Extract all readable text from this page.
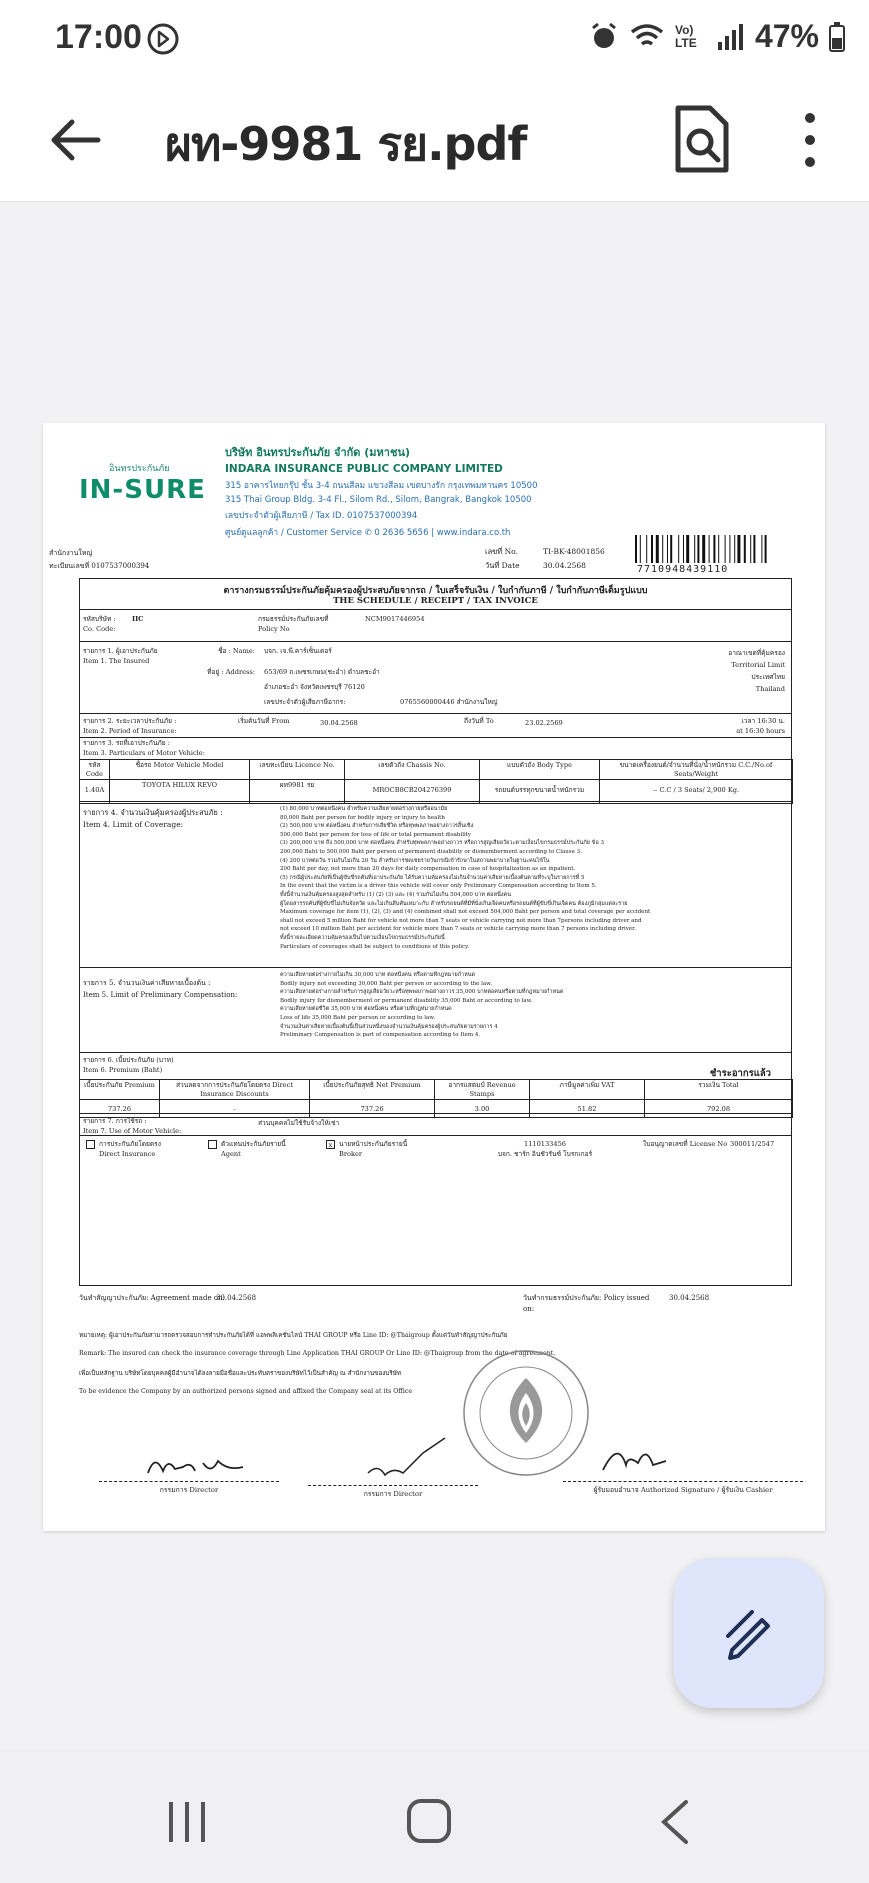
17:00	Vo) LTE	47%
ผท-9981 รย.pdf
อินทรประกันภัย
IN-SURE
บริษัท อินทรประกันภัย จำกัด (มหาชน)
INDARA INSURANCE PUBLIC COMPANY LIMITED
315 อาคารไทยกรุ๊ป ชั้น 3-4 ถนนสีลม แขวงสีลม เขตบางรัก กรุงเทพมหานคร 10500
315 Thai Group Bldg. 3-4 Fl., Silom Rd., Silom, Bangrak, Bangkok 10500
เลขประจำตัวผู้เสียภาษี / Tax ID. 0107537000394
ศูนย์ดูแลลูกค้า / Customer Service ✆ 0 2636 5656 | www.indara.co.th
สำนักงานใหญ่
ทะเบียนเลขที่ 0107537000394
เลขที่ No.	TI-BK-48001856
วันที่ Date	30.04.2568	7710948439110
ตารางกรมธรรม์ประกันภัยคุ้มครองผู้ประสบภัยจากรถ / ใบเสร็จรับเงิน / ใบกำกับภาษี / ใบกำกับภาษีเต็มรูปแบบ
THE SCHEDULE / RECEIPT / TAX INVOICE
รหัสบริษัท :
Co. Code:
IIC	กรมธรรม์ประกันภัยเลขที่
Policy No
NCM9017446954
รายการ 1. ผู้เอาประกันภัย
Item 1. The Insured
ชื่อ : Name: บจก. เจ.พี.คาร์เซ็นเตอร์
ที่อยู่ : Address: 653/69 ถ.เพชรเกษม(ชะอำ) ตำบลชะอำ
อำเภอชะอำ จังหวัดเพชรบุรี 76120
เลขประจำตัวผู้เสียภาษีอากร:	0765560000446 สำนักงานใหญ่
อาณาเขตที่คุ้มครอง
Territorial Limit
ประเทศไทย
Thailand
รายการ 2. ระยะเวลาประกันภัย :
Item 2. Period of Insurance:
เริ่มต้นวันที่ From	30.04.2568	ถึงวันที่ To	23.02.2569	เวลา 16:30 น.
at 16:30 hours
รายการ 3. รถที่เอาประกันภัย :
Item 3. Particulars of Motor Vehicle:
รหัส Code	ชื่อรถ Motor Vehicle Model	เลขทะเบียน Licence No.	เลขตัวถัง Chassis No.	แบบตัวถัง Body Type	ขนาดเครื่องยนต์/จำนวนที่นั่ง/น้ำหนักรวม C.C./No.of Seats/Weight
1.40A	TOYOTA HILUX REVO	ผท9981 รย	MROCB8CB204276399	รถยนต์บรรทุกขนาดน้ำหนักรวม	-- C.C / 3 Seats/ 2,900 Kg.
รายการ 4. จำนวนเงินคุ้มครองผู้ประสบภัย :
Item 4. Limit of Coverage:
(1) 80,000 บาทต่อหนึ่งคน สำหรับความเสียหายต่อร่างกายหรืออนามัย
80,000 Baht per person for bodily injury or injury to health
(2) 500,000 บาท ต่อหนึ่งคน สำหรับการเสียชีวิต หรือทุพพลภาพอย่างถาวรสิ้นเชิง
500,000 Baht per person for loss of life or total permanent disability
(3) 200,000 บาท ถึง 500,000 บาท ต่อหนึ่งคน สำหรับทุพพลภาพอย่างถาวร หรือการสูญเสียอวัยวะตามเงื่อนไขกรมธรรม์ประกันภัย ข้อ 3
200,000 Baht to 500,000 Baht per person of permanent disability or dismemberment according to Clause 3.
(4) 200 บาทต่อวัน รวมกันไม่เกิน 20 วัน สำหรับการชดเชยรายวันกรณีเข้ารักษาในสถานพยาบาลในฐานะคนไข้ใน
200 Baht per day, not more than 20 days for daily compensation in case of hospitalization as an inpatient.
(5) กรณีผู้ประสบภัยที่เป็นผู้ขับขี่รถคันที่เอาประกันภัย ได้รับความคุ้มครองไม่เกินจำนวนค่าเสียหายเบื้องต้นตามที่ระบุในรายการที่ 5
In the event that the victim is a driver this vehicle will cover only Preliminary Compensation according to Item 5.
ทั้งนี้จำนวนเงินคุ้มครองสูงสุดสำหรับ (1) (2) (3) และ (4) รวมกันไม่เกิน 504,000 บาท ต่อหนึ่งคน
ผู้โดยสารรถคันที่ผู้ขับขี่ไม่เกินจังหวัด และไม่เกินสิบคันเหมาะกับ สำหรับรถยนต์ที่มีที่นั่งเกินเจ็ดคนหรือรถยนต์ที่ผู้ขับขี่เกินเจ็ดคน ต้องภูมิกลุ่มแต่ละราย
Maximum coverage for item (1), (2), (3) and (4) combined shall not exceed 504,000 Baht per person and total coverage per accident
shall not exceed 5 million Baht for vehicle not more than 7 seats or vehicle carrying not more than 7persons including driver and
not exceed 10 million Baht per accident for vehicle more than 7 seats or vehicle carrying more than 7 persons including driver.
ทั้งนี้รายละเอียดความคุ้มครองเป็นไปตามเงื่อนไขกรมธรรม์ประกันภัยนี้
Particulars of coverages shall be subject to conditions of this policy.
รายการ 5. จำนวนเงินค่าเสียหายเบื้องต้น :
Item 5. Limit of Preliminary Compensation:
ความเสียหายต่อร่างกายไม่เกิน 30,000 บาท ต่อหนึ่งคน หรือตามที่กฎหมายกำหนด
Bodily injury not exceeding 30,000 Baht per person or according to the law.
ความเสียหายต่อร่างกายสำหรับการสูญเสียอวัยวะหรือทุพพลภาพอย่างถาวร 35,000 บาทต่อคนหรือตามที่กฎหมายกำหนด
Bodily injury for dismemberment or permanent disability 35,000 Baht or according to law.
ความเสียหายต่อชีวิต 35,000 บาท ต่อหนึ่งคน หรือตามที่กฎหมายกำหนด
Loss of life 35,000 Baht per person or according to law.
จำนวนเงินค่าเสียหายเบื้องต้นนี้เป็นส่วนหนึ่งของจำนวนเงินคุ้มครองผู้ประสบภัยตามรายการ 4
Preliminary Compensation is part of compensation according to Item 4.
รายการ 6. เบี้ยประกันภัย (บาท)
Item 6. Premium (Baht)	ชำระอากรแล้ว
เบี้ยประกันภัย Premium	ส่วนลดจากการประกันภัยโดยตรง Direct Insurance Discounts	เบี้ยประกันภัยสุทธิ Net Premium	อากรแสตมป์ Revenue Stamps	ภาษีมูลค่าเพิ่ม VAT	รวมเงิน Total
737.26	-	737.26	3.00	51.82	792.08
รายการ 7. การใช้รถ :
Item 7. Use of Motor Vehicle:
ส่วนบุคคลไม่ใช้รับจ้างให้เช่า
การประกันภัยโดยตรง
Direct Insurance
ตัวแทนประกันภัยรายนี้
Agent
x นายหน้าประกันภัยรายนี้
Broker
1110133456
บจก. ชาร์ก อินชัวรันซ์ โบรกเกอร์
ใบอนุญาตเลขที่ License No 300011/2547
วันทำสัญญาประกันภัย: Agreement made on:
30.04.2568	วันทำกรมธรรม์ประกันภัย: Policy issued on:
30.04.2568
หมายเหตุ: ผู้เอาประกันภัยสามารถตรวจสอบการทำประกันภัยได้ที่ แอพพลิเคชั่นไลน์ THAI GROUP หรือ Line ID: @Thaigroup ตั้งแต่วันทำสัญญาประกันภัย
Remark: The insured can check the insurance coverage through Line Application THAI GROUP Or Line ID: @Thaigroup from the date of agreement.
เพื่อเป็นหลักฐาน บริษัทโดยบุคคลผู้มีอำนาจได้ลงลายมือชื่อและประทับตราของบริษัทไว้เป็นสำคัญ ณ สำนักงานของบริษัท
To be evidence the Company by an authorized persons signed and affixed the Company seal at its Office
กรรมการ Director	กรรมการ Director	ผู้รับมอบอำนาจ Authorized Signature / ผู้รับเงิน Cashier
